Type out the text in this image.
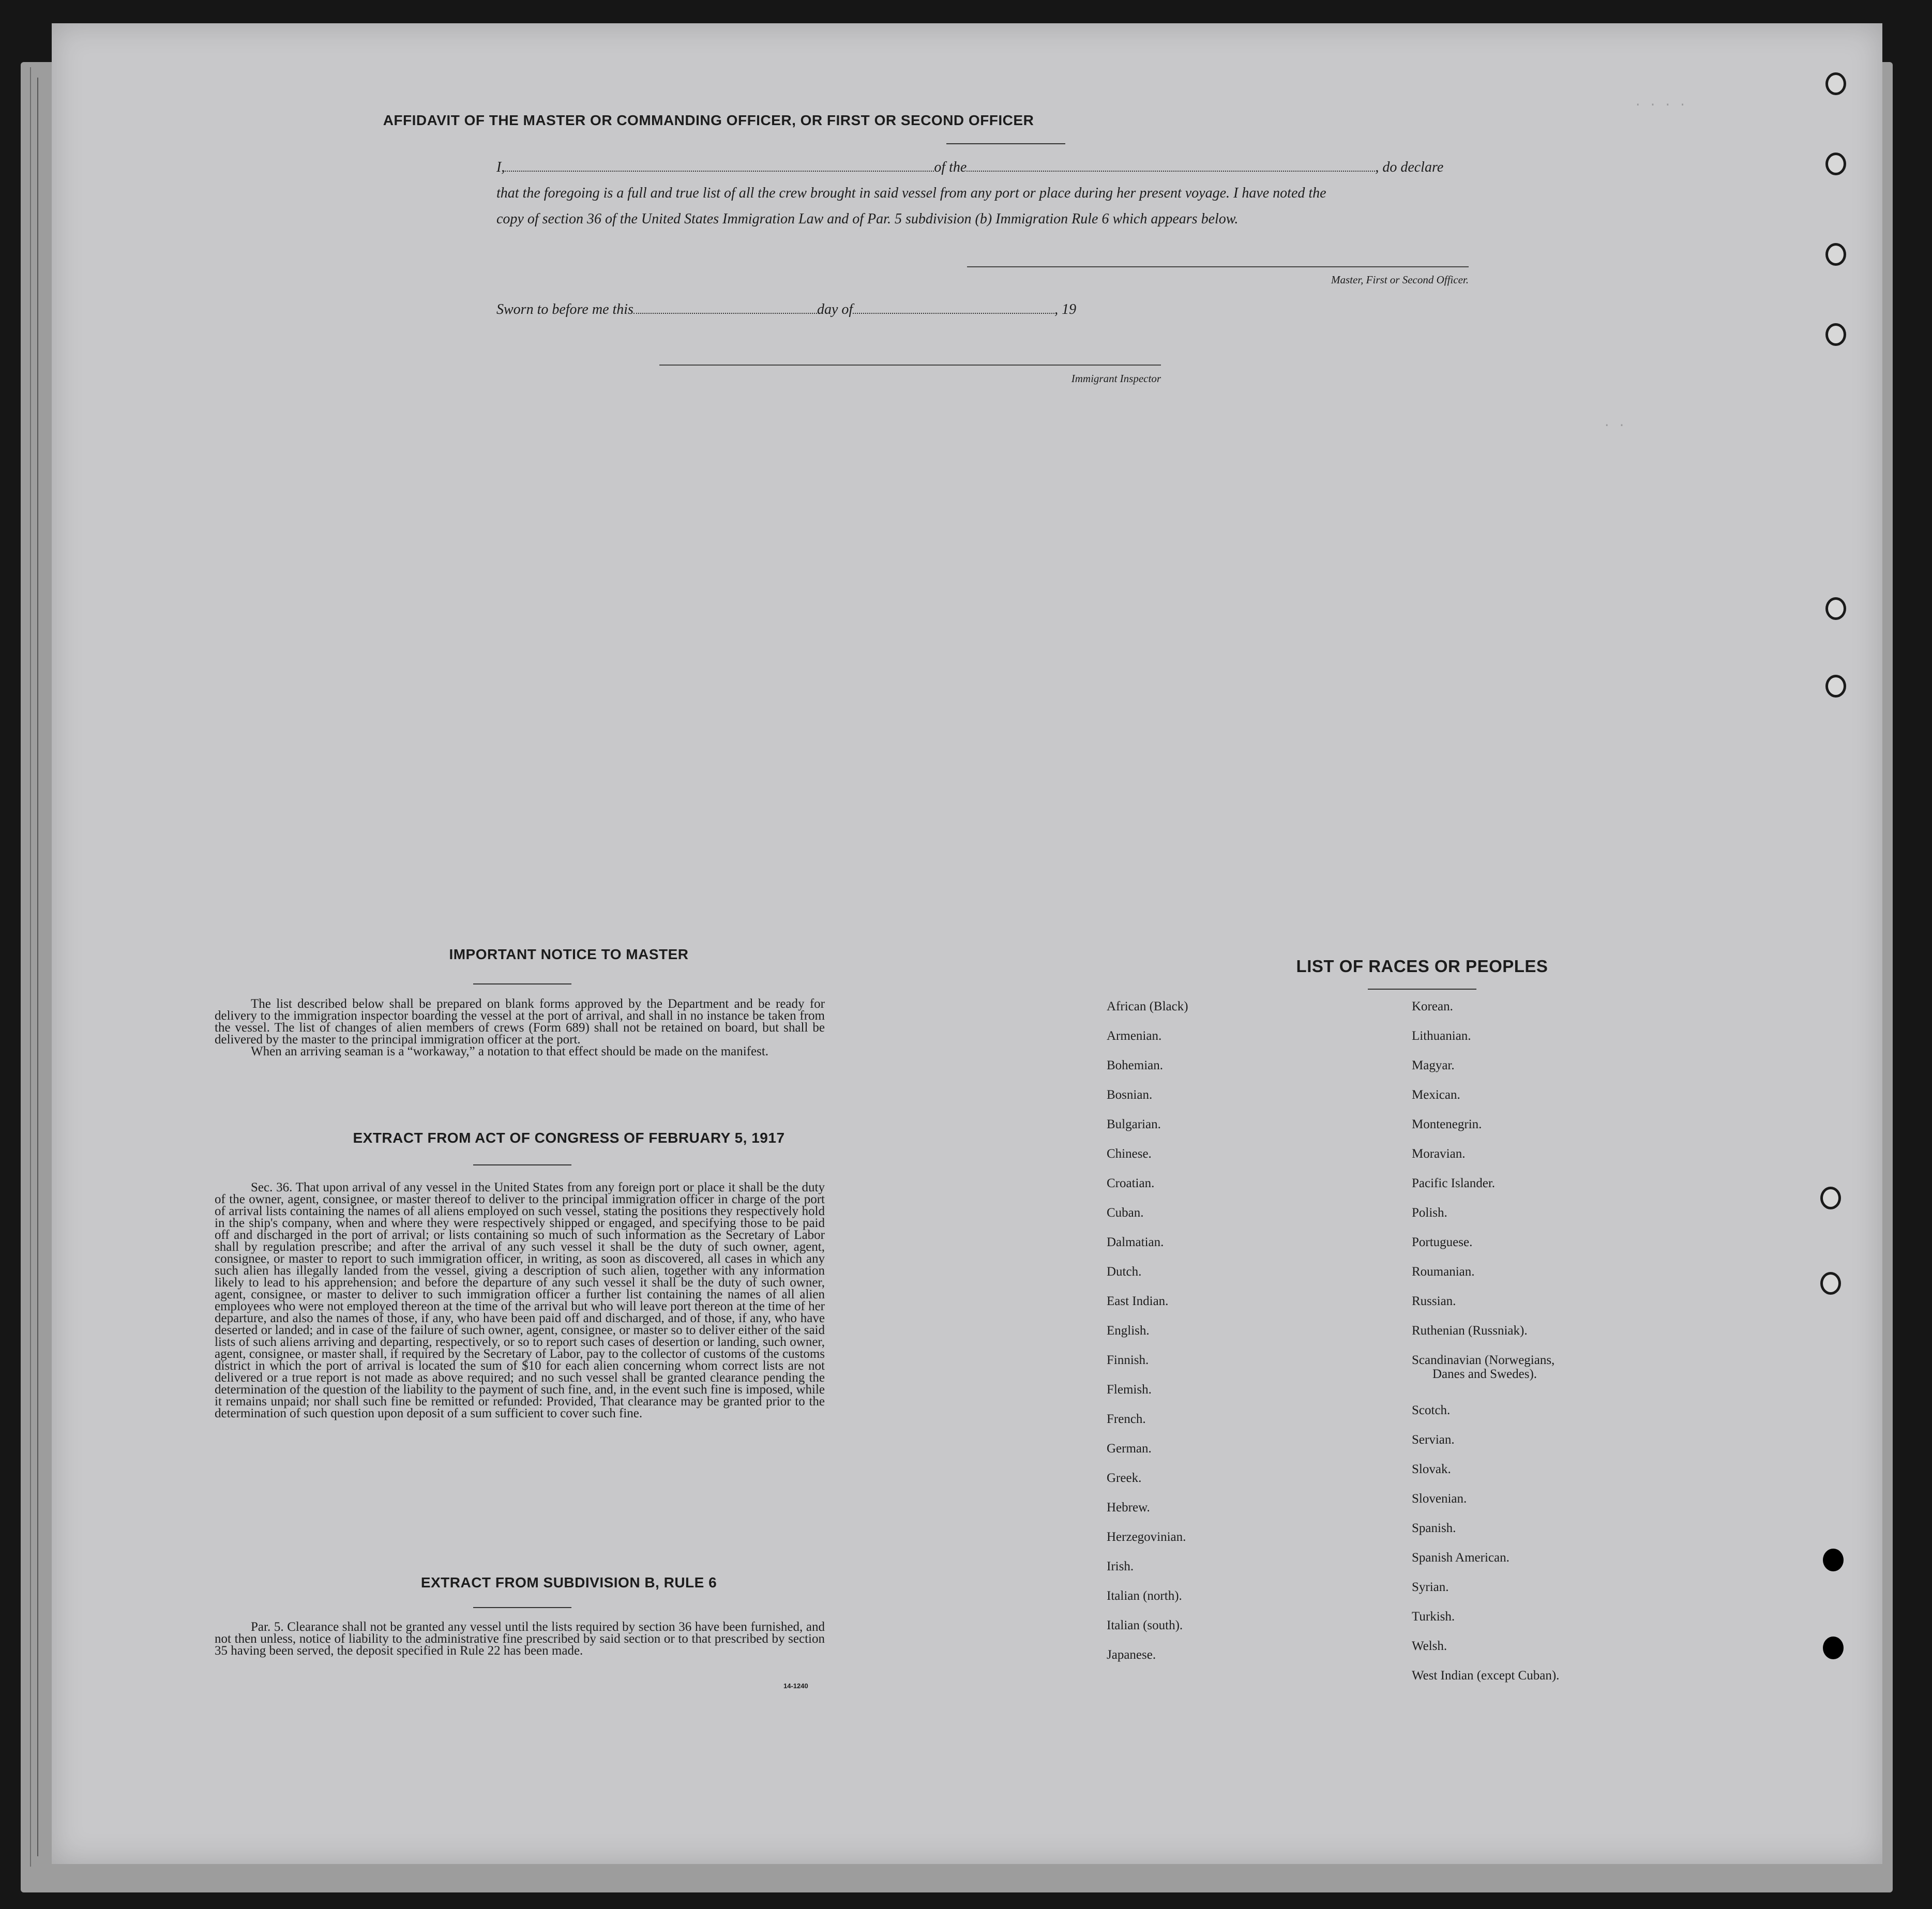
. . . .
. .
AFFIDAVIT OF THE MASTER OR COMMANDING OFFICER, OR FIRST OR SECOND OFFICER
I,	of the	, do declare
that the foregoing is a full and true list of all the crew brought in said vessel from any port or place during her present voyage. I have noted the
copy of section 36 of the United States Immigration Law and of Par. 5 subdivision (b) Immigration Rule 6 which appears below.
Master, First or Second Officer.
Sworn to before me this	day of	, 19
Immigrant Inspector
IMPORTANT NOTICE TO MASTER

The list described below shall be prepared on blank forms approved by the Department and be ready for delivery to the immigration inspector boarding the vessel at the port of arrival, and shall in no instance be taken from the vessel. The list of changes of alien members of crews (Form 689) shall not be retained on board, but shall be delivered by the master to the principal immigration officer at the port.

When an arriving seaman is a “workaway,” a notation to that effect should be made on the manifest.

EXTRACT FROM ACT OF CONGRESS OF FEBRUARY 5, 1917

Sec. 36. That upon arrival of any vessel in the United States from any foreign port or place it shall be the duty of the owner, agent, consignee, or master thereof to deliver to the principal immigration officer in charge of the port of arrival lists containing the names of all aliens employed on such vessel, stating the positions they respectively hold in the ship's company, when and where they were respectively shipped or engaged, and specifying those to be paid off and discharged in the port of arrival; or lists containing so much of such information as the Secretary of Labor shall by regulation prescribe; and after the arrival of any such vessel it shall be the duty of such owner, agent, consignee, or master to report to such immigration officer, in writing, as soon as discovered, all cases in which any such alien has illegally landed from the vessel, giving a description of such alien, together with any information likely to lead to his apprehension; and before the departure of any such vessel it shall be the duty of such owner, agent, consignee, or master to deliver to such immigration officer a further list containing the names of all alien employees who were not employed thereon at the time of the arrival but who will leave port thereon at the time of her departure, and also the names of those, if any, who have been paid off and discharged, and of those, if any, who have deserted or landed; and in case of the failure of such owner, agent, consignee, or master so to deliver either of the said lists of such aliens arriving and departing, respectively, or so to report such cases of desertion or landing, such owner, agent, consignee, or master shall, if required by the Secretary of Labor, pay to the collector of customs of the customs district in which the port of arrival is located the sum of $10 for each alien concerning whom correct lists are not delivered or a true report is not made as above required; and no such vessel shall be granted clearance pending the determination of the question of the liability to the payment of such fine, and, in the event such fine is imposed, while it remains unpaid; nor shall such fine be remitted or refunded: Provided, That clearance may be granted prior to the determination of such question upon deposit of a sum sufficient to cover such fine.

EXTRACT FROM SUBDIVISION B, RULE 6

Par. 5. Clearance shall not be granted any vessel until the lists required by section 36 have been furnished, and not then unless, notice of liability to the administrative fine prescribed by said section or to that prescribed by section 35 having been served, the deposit specified in Rule 22 has been made.

14-1240
LIST OF RACES OR PEOPLES
African (Black)
Armenian.
Bohemian.
Bosnian.
Bulgarian.
Chinese.
Croatian.
Cuban.
Dalmatian.
Dutch.
East Indian.
English.
Finnish.
Flemish.
French.
German.
Greek.
Hebrew.
Herzegovinian.
Irish.
Italian (north).
Italian (south).
Japanese.
Korean.
Lithuanian.
Magyar.
Mexican.
Montenegrin.
Moravian.
Pacific Islander.
Polish.
Portuguese.
Roumanian.
Russian.
Ruthenian (Russniak).
Scandinavian (Norwegians,
Danes and Swedes).
Scotch.
Servian.
Slovak.
Slovenian.
Spanish.
Spanish American.
Syrian.
Turkish.
Welsh.
West Indian (except Cuban).
